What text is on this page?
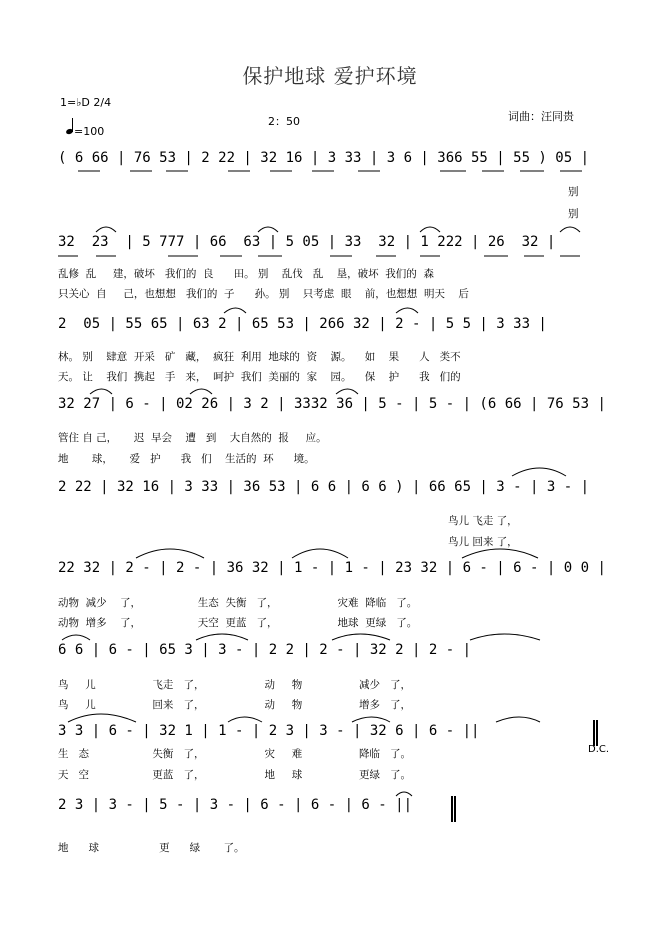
保护地球 爱护环境
1=♭D 2/4
=100
2：50	词曲：汪同贵
( 6 66 | 76 53 | 2 22 | 32 16 | 3 33 | 3 6 | 366 55 | 55 ) 05 |
别
别
32  23  | 5 777 | 66  63 | 5 05 | 33  32 | 1 222 | 26  32 |
乱修  乱     建，破坏   我们的  良      田。 别    乱伐   乱    垦，破坏  我们的  森
只关心  自     己，也想想   我们的  子      孙。 别    只考虑  眼    前，也想想  明天    后
2  05 | 55 65 | 63 2 | 65 53 | 266 32 | 2 - | 5 5 | 3 33 |
林。 别    肆意  开采   矿   藏，  疯狂  利用  地球的  资    源。    如    果      人   类不
天。 让    我们  携起   手   来，  呵护  我们  美丽的  家    园。    保    护      我   们的
32 27 | 6 - | 02 26 | 3 2 | 3332 36 | 5 - | 5 - | (6 66 | 76 53 |
管住 自 己，     迟  早会    遭   到    大自然的  报     应。
地       球，     爱   护      我   们    生活的  环      境。
2 22 | 32 16 | 3 33 | 36 53 | 6 6 | 6 6 ) | 66 65 | 3 - | 3 - |
鸟儿 飞走 了，
鸟儿 回来 了，
22 32 | 2 - | 2 - | 36 32 | 1 - | 1 - | 23 32 | 6 - | 6 - | 0 0 |
动物  减少    了，                 生态  失衡   了，                  灾难  降临   了。
动物  增多    了，                 天空  更蓝   了，                  地球  更绿   了。
6 6 | 6 - | 65 3 | 3 - | 2 2 | 2 - | 32 2 | 2 - |
鸟     儿                 飞走   了，                  动     物                 减少   了，
鸟     儿                 回来   了，                  动     物                 增多   了，
3 3 | 6 - | 32 1 | 1 - | 2 3 | 3 - | 32 6 | 6 - ||
生   态                   失衡   了，                  灾     难                 降临   了。
天   空                   更蓝   了，                  地     球                 更绿   了。
D.C.
2 3 | 3 - | 5 - | 3 - | 6 - | 6 - | 6 - ||
地      球                  更      绿       了。
